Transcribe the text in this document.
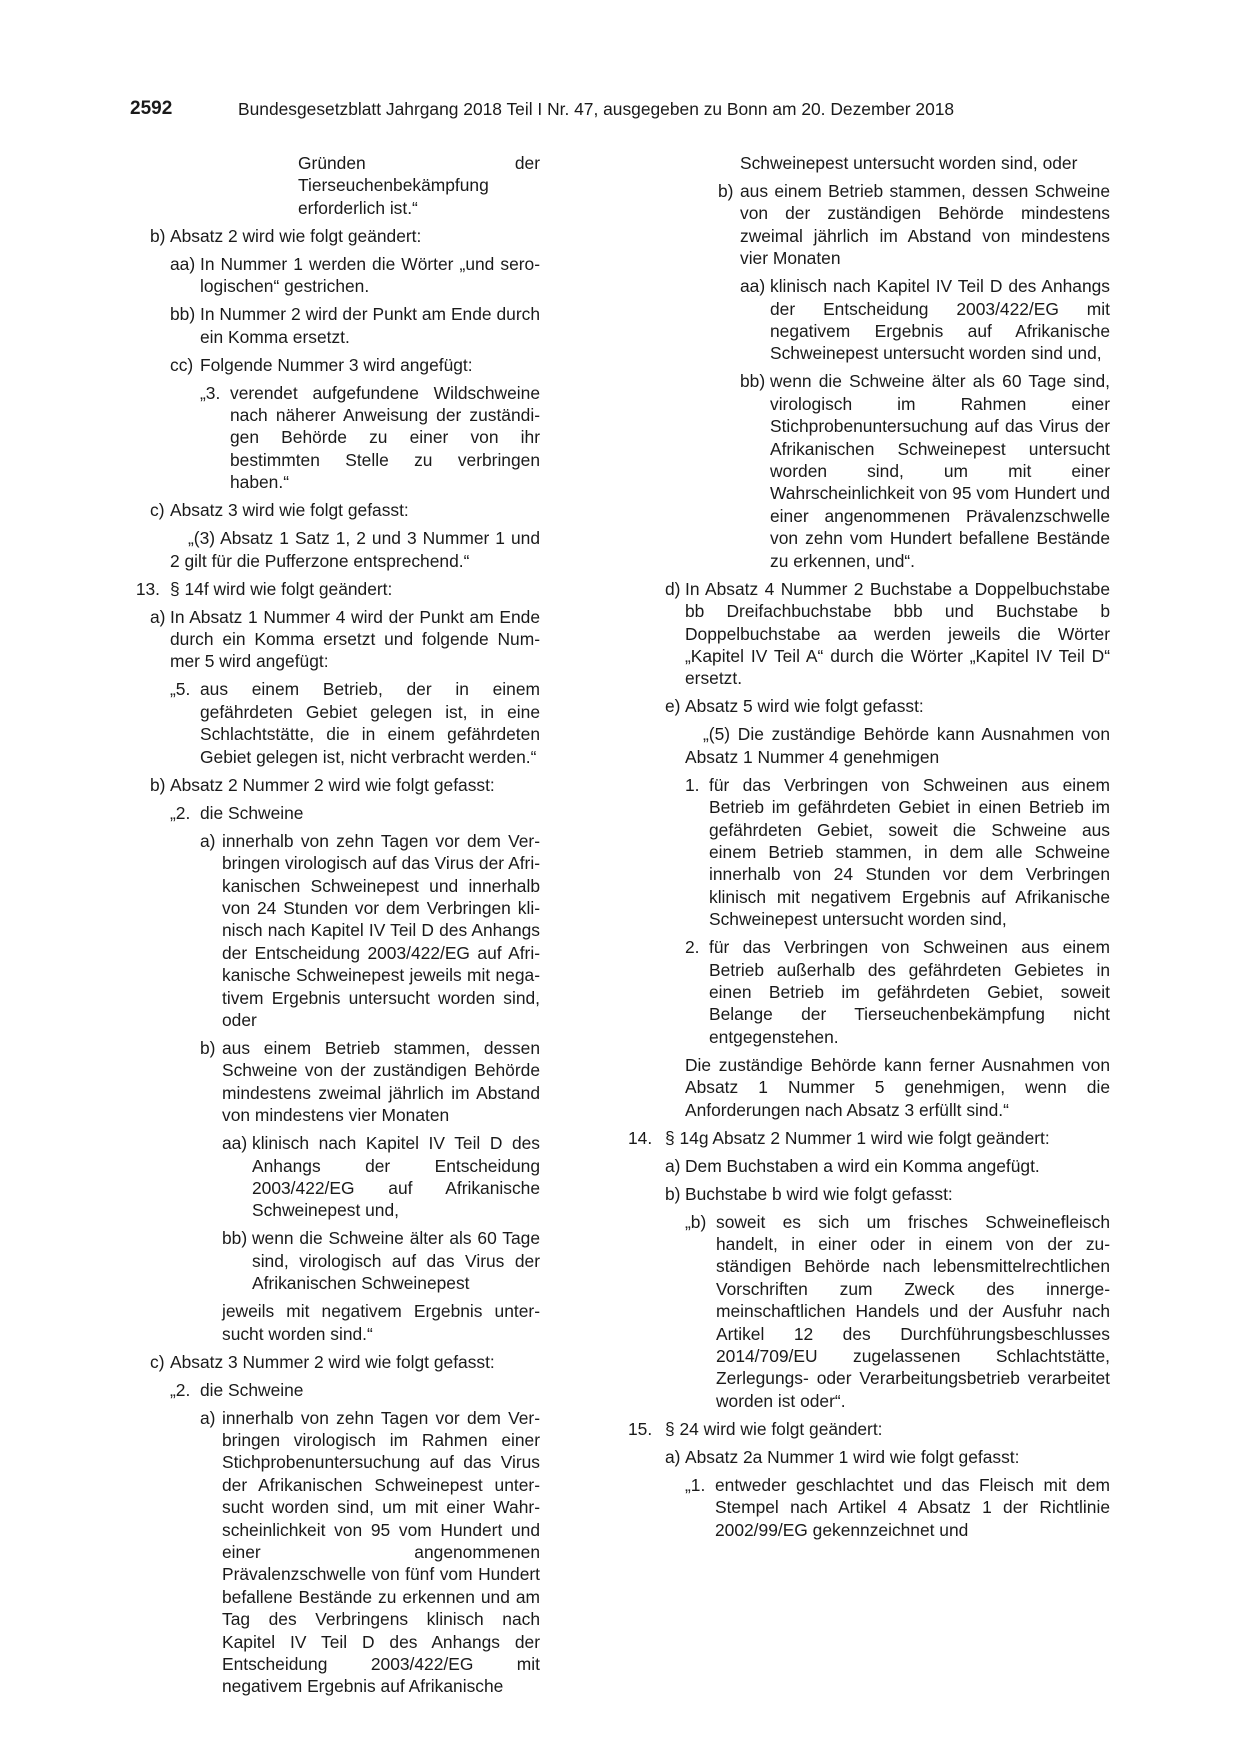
2592	Bundesgesetzblatt Jahrgang 2018 Teil I Nr. 47, ausgegeben zu Bonn am 20. Dezember 2018
Gründen der Tierseuchenbekämpfung erforderlich ist.“
b) Absatz 2 wird wie folgt geändert:
aa) In Nummer 1 werden die Wörter „und serologischen“ gestrichen.
bb) In Nummer 2 wird der Punkt am Ende durch ein Komma ersetzt.
cc) Folgende Nummer 3 wird angefügt:
„3. verendet aufgefundene Wildschweine nach näherer Anweisung der zuständigen Behörde zu einer von ihr bestimmten Stelle zu verbringen haben.“
c) Absatz 3 wird wie folgt gefasst:
„(3) Absatz 1 Satz 1, 2 und 3 Nummer 1 und 2 gilt für die Pufferzone entsprechend.“
13. § 14f wird wie folgt geändert:
a) In Absatz 1 Nummer 4 wird der Punkt am Ende durch ein Komma ersetzt und folgende Nummer 5 wird angefügt:
„5. aus einem Betrieb, der in einem gefährdeten Gebiet gelegen ist, in eine Schlachtstätte, die in einem gefährdeten Gebiet gelegen ist, nicht verbracht werden.“
b) Absatz 2 Nummer 2 wird wie folgt gefasst:
„2. die Schweine
a) innerhalb von zehn Tagen vor dem Verbringen virologisch auf das Virus der Afrikanischen Schweinepest und innerhalb von 24 Stunden vor dem Verbringen klinisch nach Kapitel IV Teil D des Anhangs der Entscheidung 2003/422/EG auf Afrikanische Schweinepest jeweils mit negativem Ergebnis untersucht worden sind, oder
b) aus einem Betrieb stammen, dessen Schweine von der zuständigen Behörde mindestens zweimal jährlich im Abstand von mindestens vier Monaten
aa) klinisch nach Kapitel IV Teil D des Anhangs der Entscheidung 2003/422/EG auf Afrikanische Schweinepest und,
bb) wenn die Schweine älter als 60 Tage sind, virologisch auf das Virus der Afrikanischen Schweinepest
jeweils mit negativem Ergebnis untersucht worden sind.“
c) Absatz 3 Nummer 2 wird wie folgt gefasst:
„2. die Schweine
a) innerhalb von zehn Tagen vor dem Verbringen virologisch im Rahmen einer Stichprobenuntersuchung auf das Virus der Afrikanischen Schweinepest untersucht worden sind, um mit einer Wahrscheinlichkeit von 95 vom Hundert und einer angenommenen Prävalenzschwelle von fünf vom Hundert befallene Bestände zu erkennen und am Tag des Verbringens klinisch nach Kapitel IV Teil D des Anhangs der Entscheidung 2003/422/EG mit negativem Ergebnis auf Afrikanische
Schweinepest untersucht worden sind, oder
b) aus einem Betrieb stammen, dessen Schweine von der zuständigen Behörde mindestens zweimal jährlich im Abstand von mindestens vier Monaten
aa) klinisch nach Kapitel IV Teil D des Anhangs der Entscheidung 2003/422/EG mit negativem Ergebnis auf Afrikanische Schweinepest untersucht worden sind und,
bb) wenn die Schweine älter als 60 Tage sind, virologisch im Rahmen einer Stichprobenuntersuchung auf das Virus der Afrikanischen Schweinepest untersucht worden sind, um mit einer Wahrscheinlichkeit von 95 vom Hundert und einer angenommenen Prävalenzschwelle von zehn vom Hundert befallene Bestände zu erkennen, und“.
d) In Absatz 4 Nummer 2 Buchstabe a Doppelbuchstabe bb Dreifachbuchstabe bbb und Buchstabe b Doppelbuchstabe aa werden jeweils die Wörter „Kapitel IV Teil A“ durch die Wörter „Kapitel IV Teil D“ ersetzt.
e) Absatz 5 wird wie folgt gefasst:
„(5) Die zuständige Behörde kann Ausnahmen von Absatz 1 Nummer 4 genehmigen
1. für das Verbringen von Schweinen aus einem Betrieb im gefährdeten Gebiet in einen Betrieb im gefährdeten Gebiet, soweit die Schweine aus einem Betrieb stammen, in dem alle Schweine innerhalb von 24 Stunden vor dem Verbringen klinisch mit negativem Ergebnis auf Afrikanische Schweinepest untersucht worden sind,
2. für das Verbringen von Schweinen aus einem Betrieb außerhalb des gefährdeten Gebietes in einen Betrieb im gefährdeten Gebiet, soweit Belange der Tierseuchenbekämpfung nicht entgegenstehen.
Die zuständige Behörde kann ferner Ausnahmen von Absatz 1 Nummer 5 genehmigen, wenn die Anforderungen nach Absatz 3 erfüllt sind.“
14. § 14g Absatz 2 Nummer 1 wird wie folgt geändert:
a) Dem Buchstaben a wird ein Komma angefügt.
b) Buchstabe b wird wie folgt gefasst:
„b) soweit es sich um frisches Schweinefleisch handelt, in einer oder in einem von der zuständigen Behörde nach lebensmittelrechtlichen Vorschriften zum Zweck des innergemeinschaftlichen Handels und der Ausfuhr nach Artikel 12 des Durchführungsbeschlusses 2014/709/EU zugelassenen Schlachtstätte, Zerlegungs- oder Verarbeitungsbetrieb verarbeitet worden ist oder“.
15. § 24 wird wie folgt geändert:
a) Absatz 2a Nummer 1 wird wie folgt gefasst:
„1. entweder geschlachtet und das Fleisch mit dem Stempel nach Artikel 4 Absatz 1 der Richtlinie 2002/99/EG gekennzeichnet und
